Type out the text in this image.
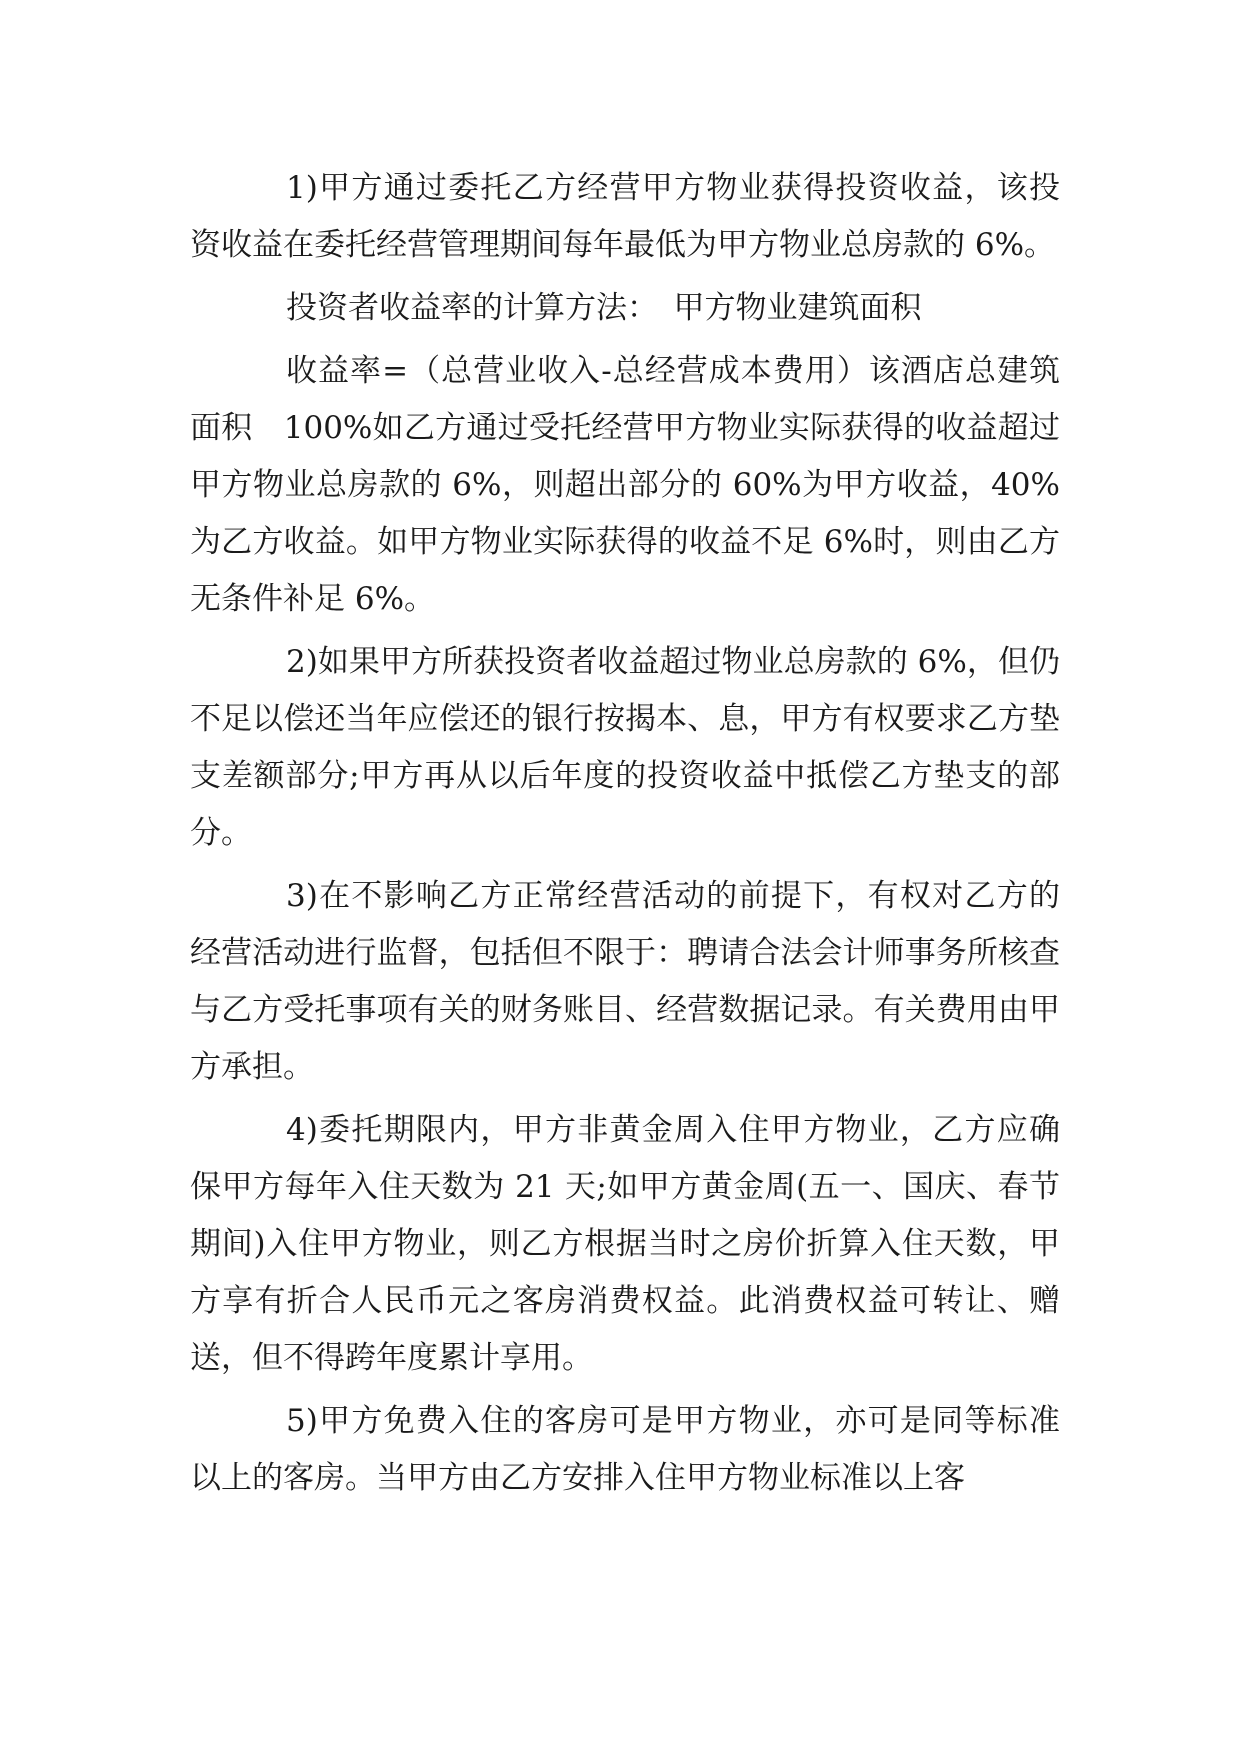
1)甲方通过委托乙方经营甲方物业获得投资收益，该投资收益在委托经营管理期间每年最低为甲方物业总房款的 6%。

投资者收益率的计算方法：　甲方物业建筑面积

收益率=（总营业收入-总经营成本费用）该酒店总建筑面积　100%如乙方通过受托经营甲方物业实际获得的收益超过甲方物业总房款的 6%，则超出部分的 60%为甲方收益，40%为乙方收益。如甲方物业实际获得的收益不足 6%时，则由乙方无条件补足 6%。

2)如果甲方所获投资者收益超过物业总房款的 6%，但仍不足以偿还当年应偿还的银行按揭本、息，甲方有权要求乙方垫支差额部分;甲方再从以后年度的投资收益中抵偿乙方垫支的部分。

3)在不影响乙方正常经营活动的前提下，有权对乙方的经营活动进行监督，包括但不限于：聘请合法会计师事务所核查与乙方受托事项有关的财务账目、经营数据记录。有关费用由甲方承担。

4)委托期限内，甲方非黄金周入住甲方物业，乙方应确保甲方每年入住天数为 21 天;如甲方黄金周(五一、国庆、春节期间)入住甲方物业，则乙方根据当时之房价折算入住天数，甲方享有折合人民币元之客房消费权益。此消费权益可转让、赠送，但不得跨年度累计享用。

5)甲方免费入住的客房可是甲方物业，亦可是同等标准以上的客房。当甲方由乙方安排入住甲方物业标准以上客
